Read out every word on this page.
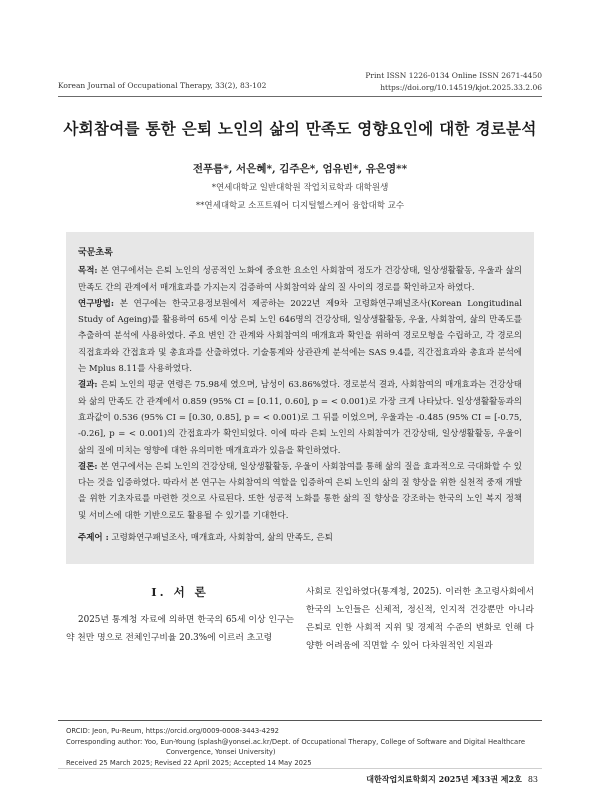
Korean Journal of Occupational Therapy, 33(2), 83-102
Print ISSN 1226-0134 Online ISSN 2671-4450
https://doi.org/10.14519/kjot.2025.33.2.06
사회참여를 통한 은퇴 노인의 삶의 만족도 영향요인에 대한 경로분석
전푸름*, 서은혜*, 김주은*, 엄유빈*, 유은영**
*연세대학교 일반대학원 작업치료학과 대학원생
**연세대학교 소프트웨어 디지털헬스케어 융합대학 교수
국문초록
목적: 본 연구에서는 은퇴 노인의 성공적인 노화에 중요한 요소인 사회참여 정도가 건강상태, 일상생활활동, 우울과 삶의 만족도 간의 관계에서 매개효과를 가지는지 검증하여 사회참여와 삶의 질 사이의 경로를 확인하고자 하였다.
연구방법: 본 연구에는 한국고용정보원에서 제공하는 2022년 제9차 고령화연구패널조사(Korean Longitudinal Study of Ageing)를 활용하여 65세 이상 은퇴 노인 646명의 건강상태, 일상생활활동, 우울, 사회참여, 삶의 만족도를 추출하여 분석에 사용하였다. 주요 변인 간 관계와 사회참여의 매개효과 확인을 위하여 경로모형을 수립하고, 각 경로의 직접효과와 간접효과 및 총효과를 산출하였다. 기술통계와 상관관계 분석에는 SAS 9.4를, 직간접효과와 총효과 분석에는 Mplus 8.11를 사용하였다.
결과: 은퇴 노인의 평균 연령은 75.98세 였으며, 남성이 63.86%였다. 경로분석 결과, 사회참여의 매개효과는 건강상태와 삶의 만족도 간 관계에서 0.859 (95% CI = [0.11, 0.60], p = < 0.001)로 가장 크게 나타났다. 일상생활활동과의 효과값이 0.536 (95% CI = [0.30, 0.85], p = < 0.001)로 그 뒤를 이었으며, 우울과는 -0.485 (95% CI = [-0.75, -0.26], p = < 0.001)의 간접효과가 확인되었다. 이에 따라 은퇴 노인의 사회참여가 건강상태, 일상생활활동, 우울이 삶의 질에 미치는 영향에 대한 유의미한 매개효과가 있음을 확인하였다.
결론: 본 연구에서는 은퇴 노인의 건강상태, 일상생활활동, 우울이 사회참여를 통해 삶의 질을 효과적으로 극대화할 수 있다는 것을 입증하였다. 따라서 본 연구는 사회참여의 역할을 입증하여 은퇴 노인의 삶의 질 향상을 위한 실천적 중재 개발을 위한 기초자료를 마련한 것으로 사료된다. 또한 성공적 노화를 통한 삶의 질 향상을 강조하는 한국의 노인 복지 정책 및 서비스에 대한 기반으로도 활용될 수 있기를 기대한다.
주제어 : 고령화연구패널조사, 매개효과, 사회참여, 삶의 만족도, 은퇴
Ⅰ. 서 론
2025년 통계청 자료에 의하면 한국의 65세 이상 인구는 약 천만 명으로 전체인구비율 20.3%에 이르러 초고령
사회로 진입하였다(통계청, 2025). 이러한 초고령사회에서 한국의 노인들은 신체적, 정신적, 인지적 건강뿐만 아니라 은퇴로 인한 사회적 지위 및 경제적 수준의 변화로 인해 다양한 어려움에 직면할 수 있어 다차원적인 지원과
ORCID: Jeon, Pu-Reum, https://orcid.org/0009-0008-3443-4292
Corresponding author: Yoo, Eun-Young (splash@yonsei.ac.kr/Dept. of Occupational Therapy, College of Software and Digital Healthcare
Convergence, Yonsei University)
Received 25 March 2025; Revised 22 April 2025; Accepted 14 May 2025
대한작업치료학회지 2025년 제33권 제2호 83
